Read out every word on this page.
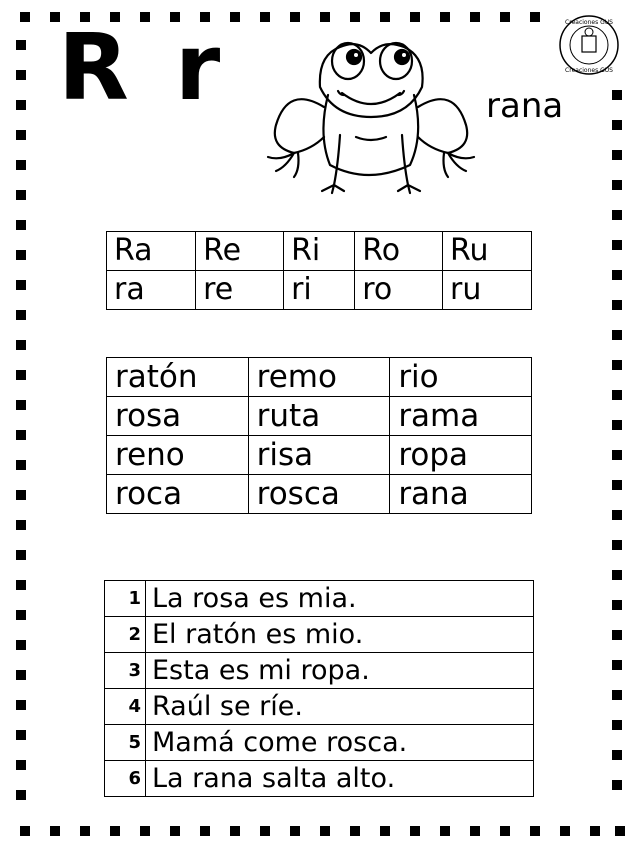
R r	rana
Creaciones GUS
Creaciones GUS
Ra	Re	Ri	Ro	Ru
ra	re	ri	ro	ru
ratón	remo	rio
rosa	ruta	rama
reno	risa	ropa
roca	rosca	rana
1	La rosa es mia.
2	El ratón es mio.
3	Esta es mi ropa.
4	Raúl se ríe.
5	Mamá come rosca.
6	La rana salta alto.
